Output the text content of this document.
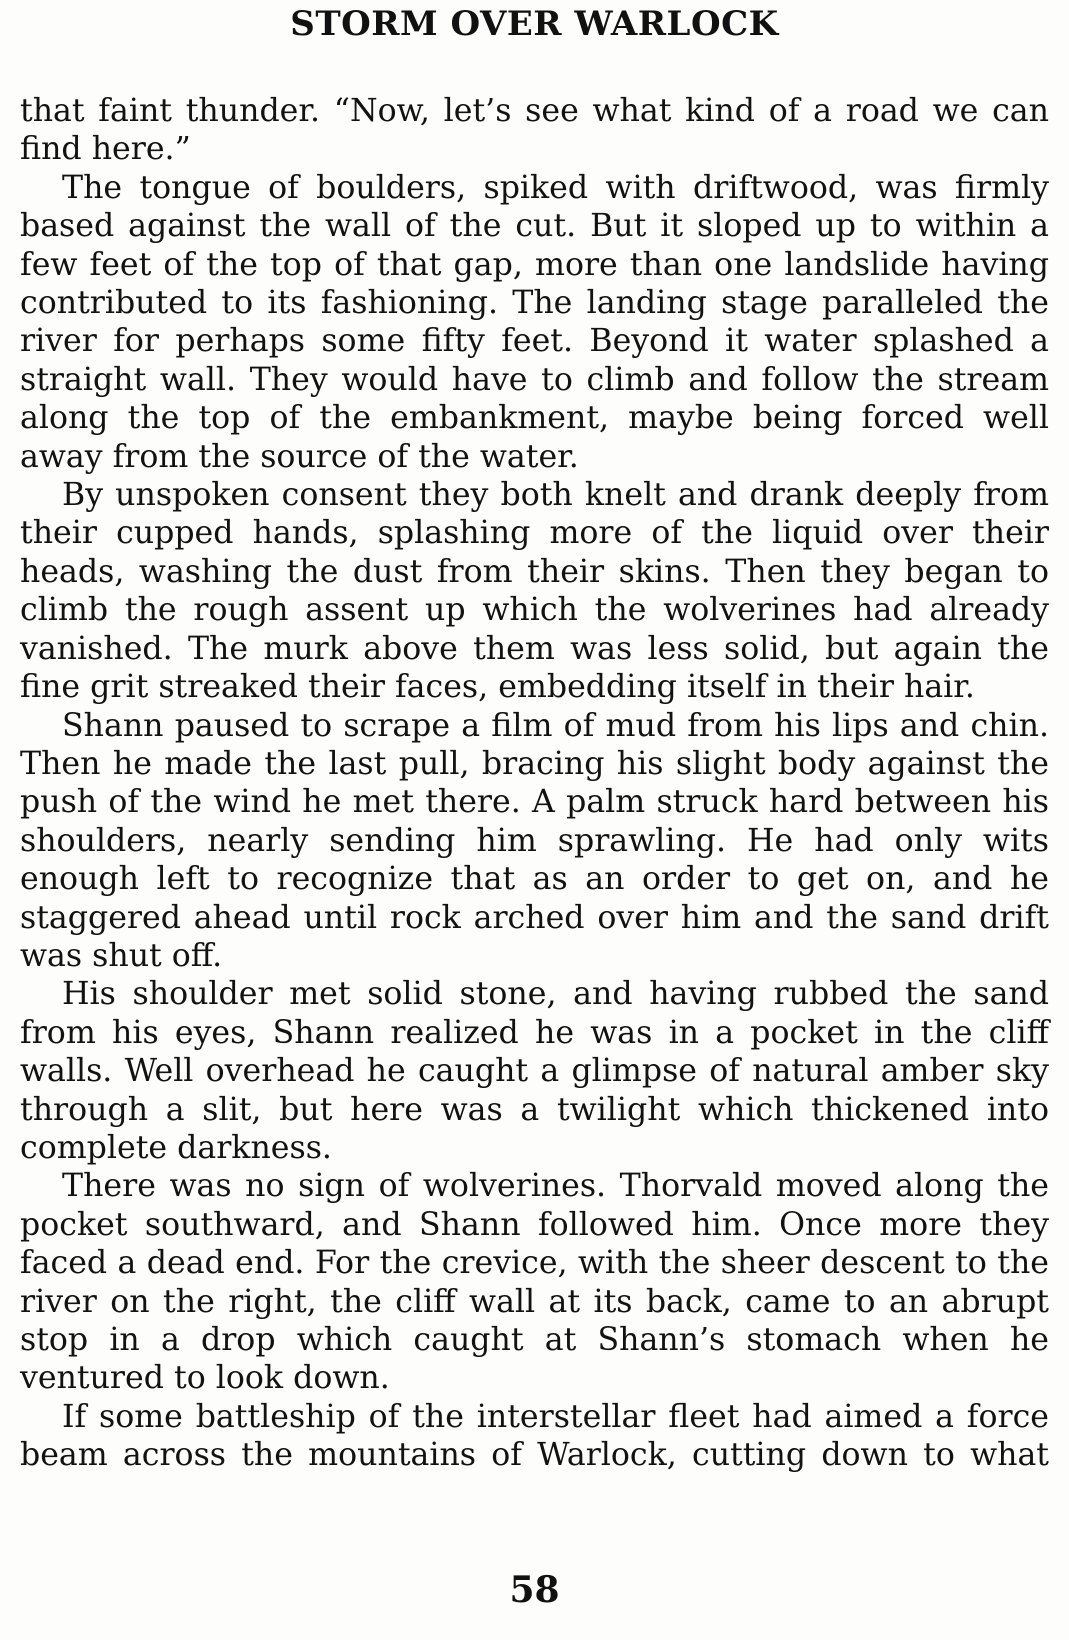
STORM OVER WARLOCK

that faint thunder. “Now, let’s see what kind of a road we can find here.”

The tongue of boulders, spiked with driftwood, was firmly based against the wall of the cut. But it sloped up to within a few feet of the top of that gap, more than one landslide having contributed to its fashioning. The landing stage paralleled the river for perhaps some fifty feet. Beyond it water splashed a straight wall. They would have to climb and follow the stream along the top of the embankment, maybe being forced well away from the source of the water.

By unspoken consent they both knelt and drank deeply from their cupped hands, splashing more of the liquid over their heads, washing the dust from their skins. Then they began to climb the rough assent up which the wolverines had already vanished. The murk above them was less solid, but again the fine grit streaked their faces, embedding itself in their hair.

Shann paused to scrape a film of mud from his lips and chin. Then he made the last pull, bracing his slight body against the push of the wind he met there. A palm struck hard between his shoulders, nearly sending him sprawling. He had only wits enough left to recognize that as an order to get on, and he staggered ahead until rock arched over him and the sand drift was shut off.

His shoulder met solid stone, and having rubbed the sand from his eyes, Shann realized he was in a pocket in the cliff walls. Well overhead he caught a glimpse of natural amber sky through a slit, but here was a twilight which thickened into complete darkness.

There was no sign of wolverines. Thorvald moved along the pocket southward, and Shann followed him. Once more they faced a dead end. For the crevice, with the sheer descent to the river on the right, the cliff wall at its back, came to an abrupt stop in a drop which caught at Shann’s stomach when he ventured to look down.

If some battleship of the interstellar fleet had aimed a force beam across the mountains of Warlock, cutting down to what

58
